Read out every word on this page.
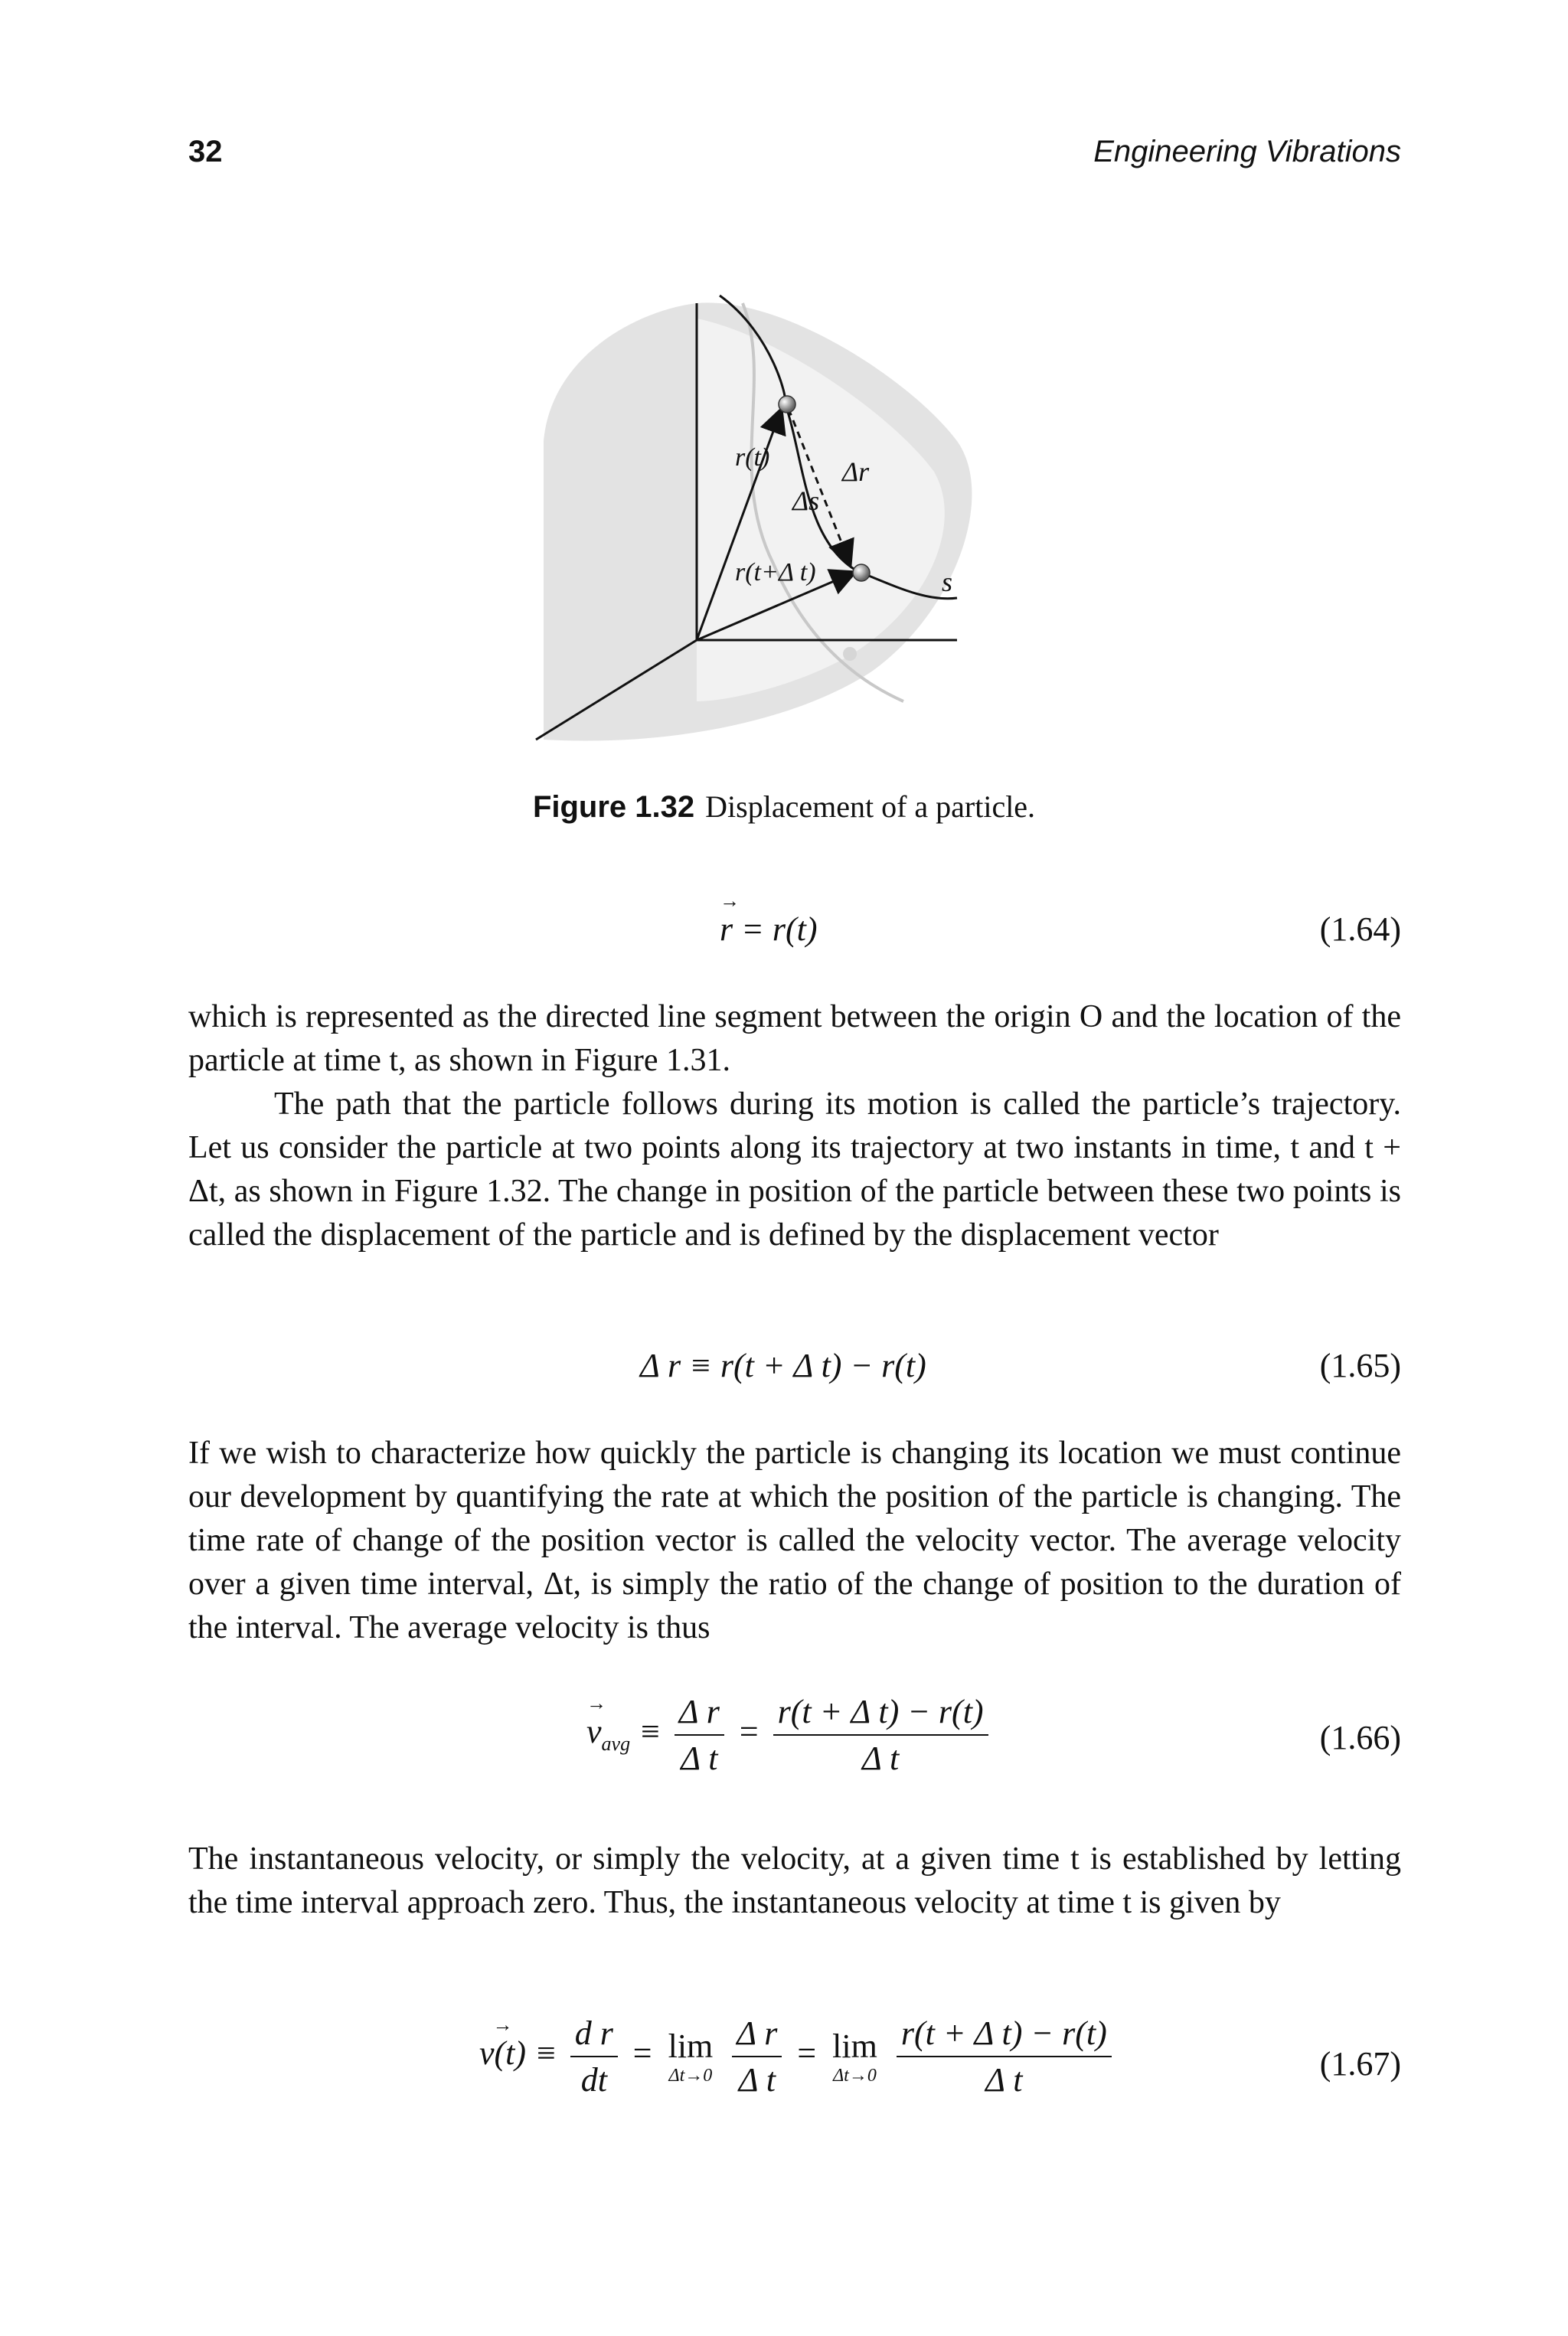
32	Engineering Vibrations
r(t)	Δr
Δs
r(t+Δ t)	s
Figure 1.32 Displacement of a particle.
→ r = r(t)	(1.64)
which is represented as the directed line segment between the origin O and the location of the particle at time t, as shown in Figure 1.31.
The path that the particle follows during its motion is called the particle’s trajectory. Let us consider the particle at two points along its trajectory at two instants in time, t and t + Δt, as shown in Figure 1.32. The change in position of the particle between these two points is called the displacement of the particle and is defined by the displacement vector
Δ r ≡ r(t + Δ t) − r(t)	(1.65)
If we wish to characterize how quickly the particle is changing its location we must continue our development by quantifying the rate at which the position of the particle is changing. The time rate of change of the position vector is called the velocity vector. The average velocity over a given time interval, Δt, is simply the ratio of the change of position to the duration of the interval. The average velocity is thus
→ $v_{avg} \equiv \frac{\text{Δ r}}{\text{Δ t}} = \frac{\text{r(t + Δ t) − r(t)}}{\text{Δ t}}$	(1.66)
The instantaneous velocity, or simply the velocity, at a given time t is established by letting the time interval approach zero. Thus, the instantaneous velocity at time t is given by
→ $v(t) \equiv \frac{\text{d r}}{dt} = \lim$
Δt→0
$\frac{\text{Δ r}}{\text{Δ t}} = \lim$
Δt→0
$\frac{\text{r(t + Δ t) − r(t)}}{\text{Δ t}}$	(1.67)
